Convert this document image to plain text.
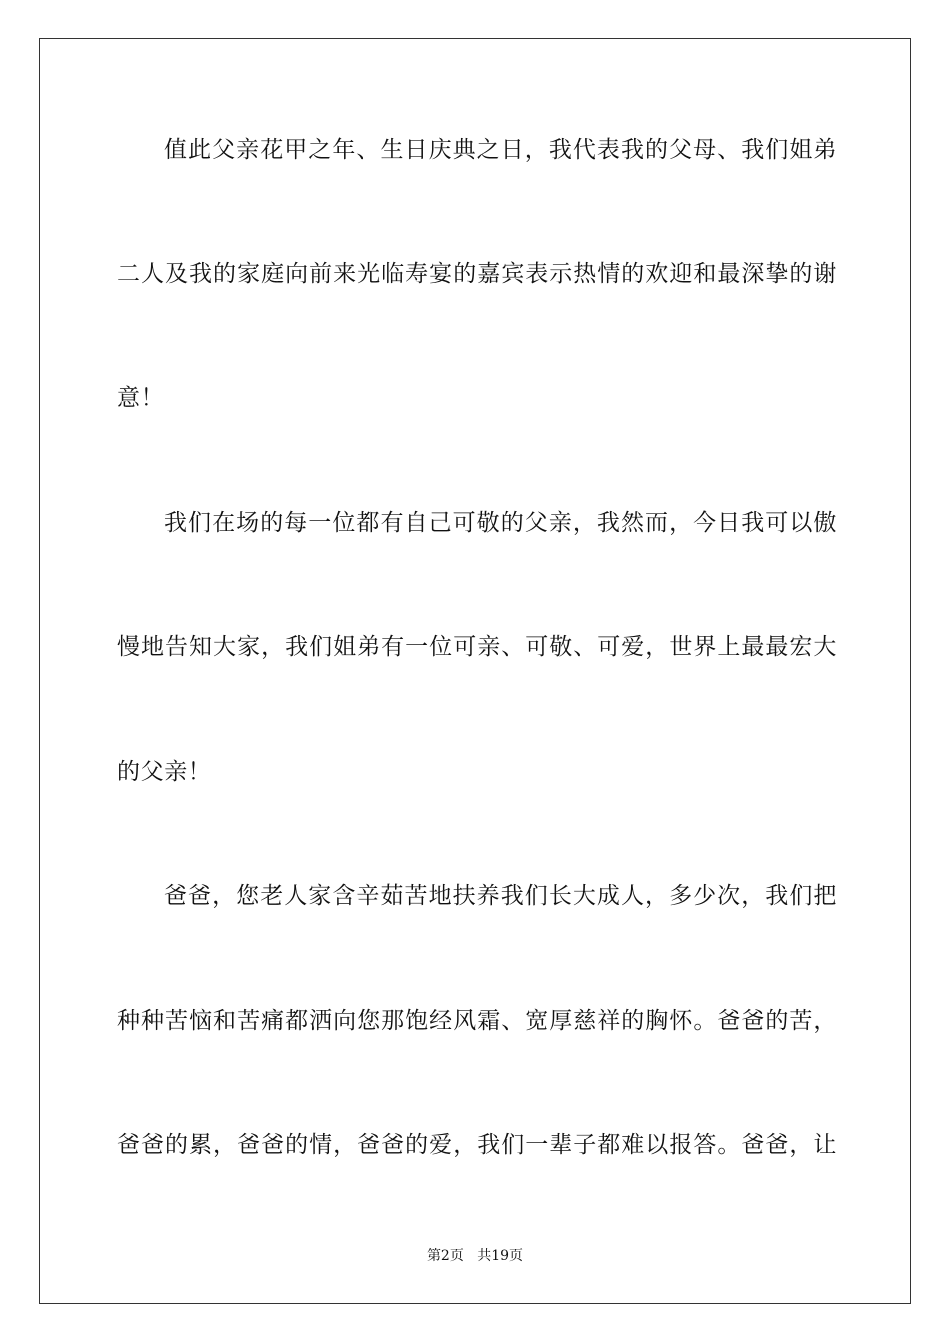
值此父亲花甲之年、生日庆典之日，我代表我的父母、我们姐弟
二人及我的家庭向前来光临寿宴的嘉宾表示热情的欢迎和最深挚的谢
意！
我们在场的每一位都有自己可敬的父亲，我然而，今日我可以傲
慢地告知大家，我们姐弟有一位可亲、可敬、可爱，世界上最最宏大
的父亲！
爸爸，您老人家含辛茹苦地扶养我们长大成人，多少次，我们把
种种苦恼和苦痛都洒向您那饱经风霜、宽厚慈祥的胸怀。爸爸的苦，
爸爸的累，爸爸的情，爸爸的爱，我们一辈子都难以报答。爸爸，让
第2页 共19页
